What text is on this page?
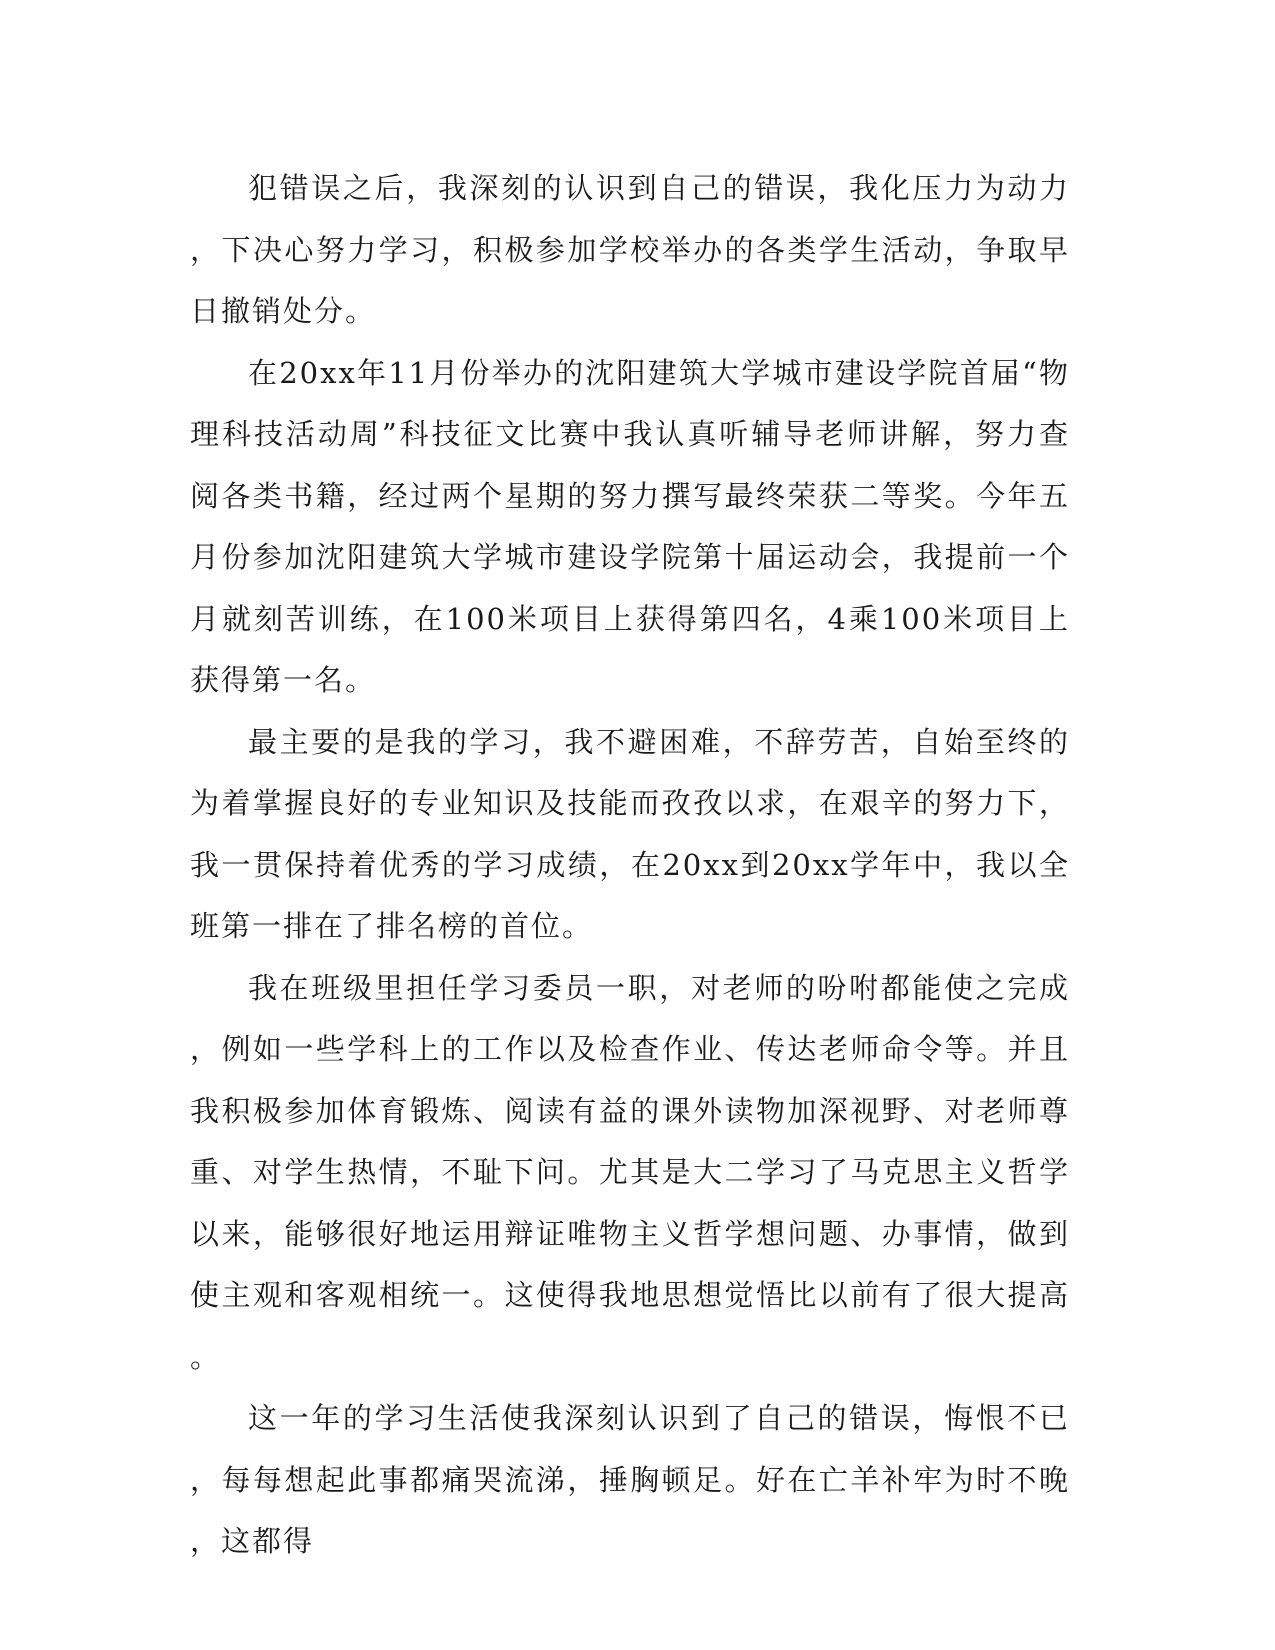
犯错误之后，我深刻的认识到自己的错误，我化压力为动力，下决心努力学习，积极参加学校举办的各类学生活动，争取早日撤销处分。

在20xx年11月份举办的沈阳建筑大学城市建设学院首届“物理科技活动周”科技征文比赛中我认真听辅导老师讲解，努力查阅各类书籍，经过两个星期的努力撰写最终荣获二等奖。今年五月份参加沈阳建筑大学城市建设学院第十届运动会，我提前一个月就刻苦训练，在100米项目上获得第四名，4乘100米项目上获得第一名。

最主要的是我的学习，我不避困难，不辞劳苦，自始至终的为着掌握良好的专业知识及技能而孜孜以求，在艰辛的努力下，我一贯保持着优秀的学习成绩，在20xx到20xx学年中，我以全班第一排在了排名榜的首位。

我在班级里担任学习委员一职，对老师的吩咐都能使之完成，例如一些学科上的工作以及检查作业、传达老师命令等。并且我积极参加体育锻炼、阅读有益的课外读物加深视野、对老师尊重、对学生热情，不耻下问。尤其是大二学习了马克思主义哲学以来，能够很好地运用辩证唯物主义哲学想问题、办事情，做到使主观和客观相统一。这使得我地思想觉悟比以前有了很大提高。

这一年的学习生活使我深刻认识到了自己的错误，悔恨不已，每每想起此事都痛哭流涕，捶胸顿足。好在亡羊补牢为时不晚，这都得
